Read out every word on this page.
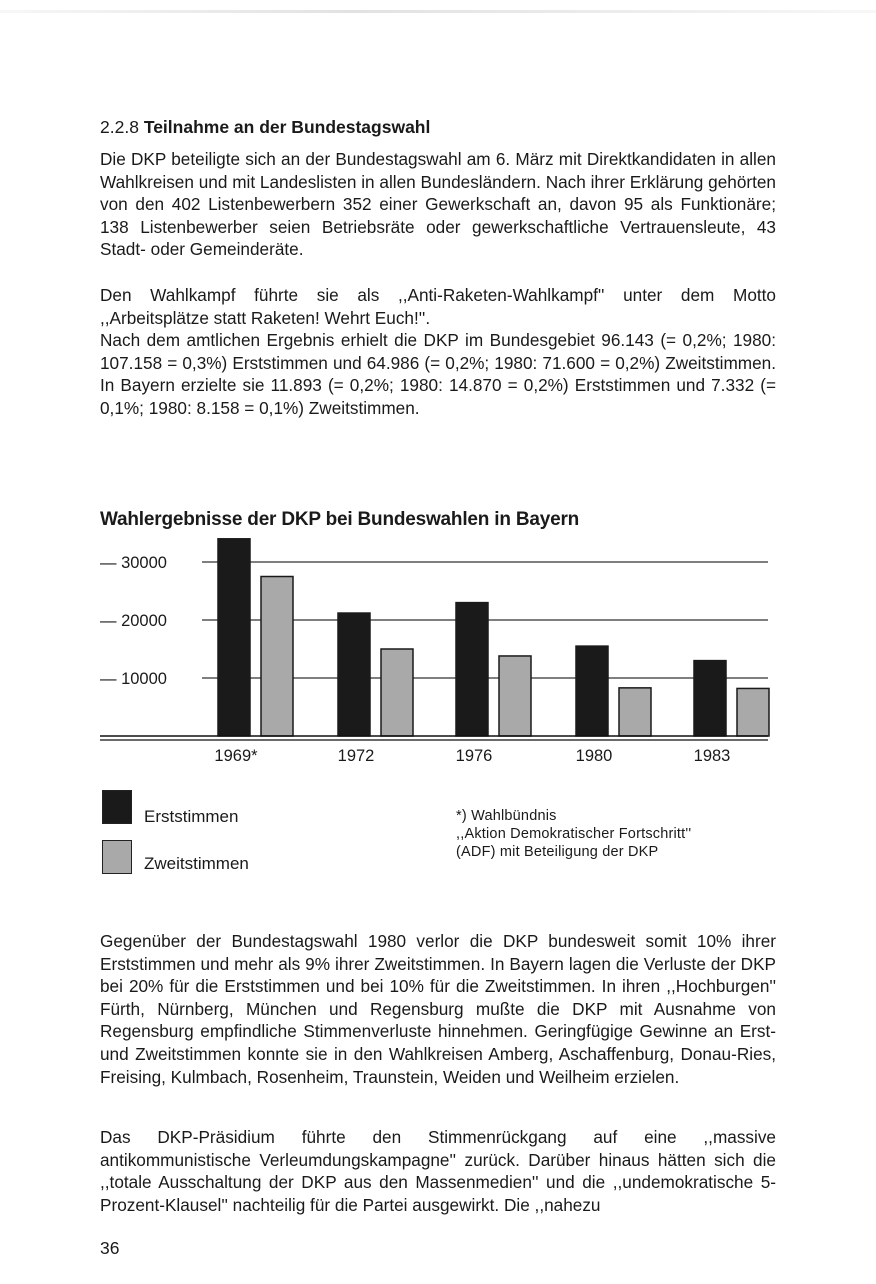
2.2.8 Teilnahme an der Bundestagswahl

Die DKP beteiligte sich an der Bundestagswahl am 6. März mit Direktkandidaten in allen Wahlkreisen und mit Landeslisten in allen Bundesländern. Nach ihrer Erklärung gehörten von den 402 Listenbewerbern 352 einer Gewerkschaft an, davon 95 als Funktionäre; 138 Listenbewerber seien Betriebsräte oder gewerkschaftliche Vertrauensleute, 43 Stadt- oder Gemeinderäte.

Den Wahlkampf führte sie als ,,Anti-Raketen-Wahlkampf'' unter dem Motto ,,Arbeitsplätze statt Raketen! Wehrt Euch!''.

Nach dem amtlichen Ergebnis erhielt die DKP im Bundesgebiet 96.143 (= 0,2%; 1980: 107.158 = 0,3%) Erststimmen und 64.986 (= 0,2%; 1980: 71.600 = 0,2%) Zweitstimmen. In Bayern erzielte sie 11.893 (= 0,2%; 1980: 14.870 = 0,2%) Erststimmen und 7.332 (= 0,1%; 1980: 8.158 = 0,1%) Zweitstimmen.

Wahlergebnisse der DKP bei Bundeswahlen in Bayern
— 30000
— 20000
— 10000
1969*	1972	1976	1980	1983
Erststimmen
Zweitstimmen
*) Wahlbündnis
,,Aktion Demokratischer Fortschritt''
(ADF) mit Beteiligung der DKP

Gegenüber der Bundestagswahl 1980 verlor die DKP bundesweit somit 10% ihrer Erststimmen und mehr als 9% ihrer Zweitstimmen. In Bayern lagen die Verluste der DKP bei 20% für die Erststimmen und bei 10% für die Zweitstimmen. In ihren ,,Hochburgen'' Fürth, Nürnberg, München und Regensburg mußte die DKP mit Ausnahme von Regensburg empfindliche Stimmenverluste hinnehmen. Geringfügige Gewinne an Erst- und Zweitstimmen konnte sie in den Wahlkreisen Amberg, Aschaffenburg, Donau-Ries, Freising, Kulmbach, Rosenheim, Traunstein, Weiden und Weilheim erzielen.

Das DKP-Präsidium führte den Stimmenrückgang auf eine ,,massive antikommunistische Verleumdungskampagne'' zurück. Darüber hinaus hätten sich die ,,totale Ausschaltung der DKP aus den Massenmedien'' und die ,,undemokratische 5-Prozent-Klausel'' nachteilig für die Partei ausgewirkt. Die ,,nahezu

36
